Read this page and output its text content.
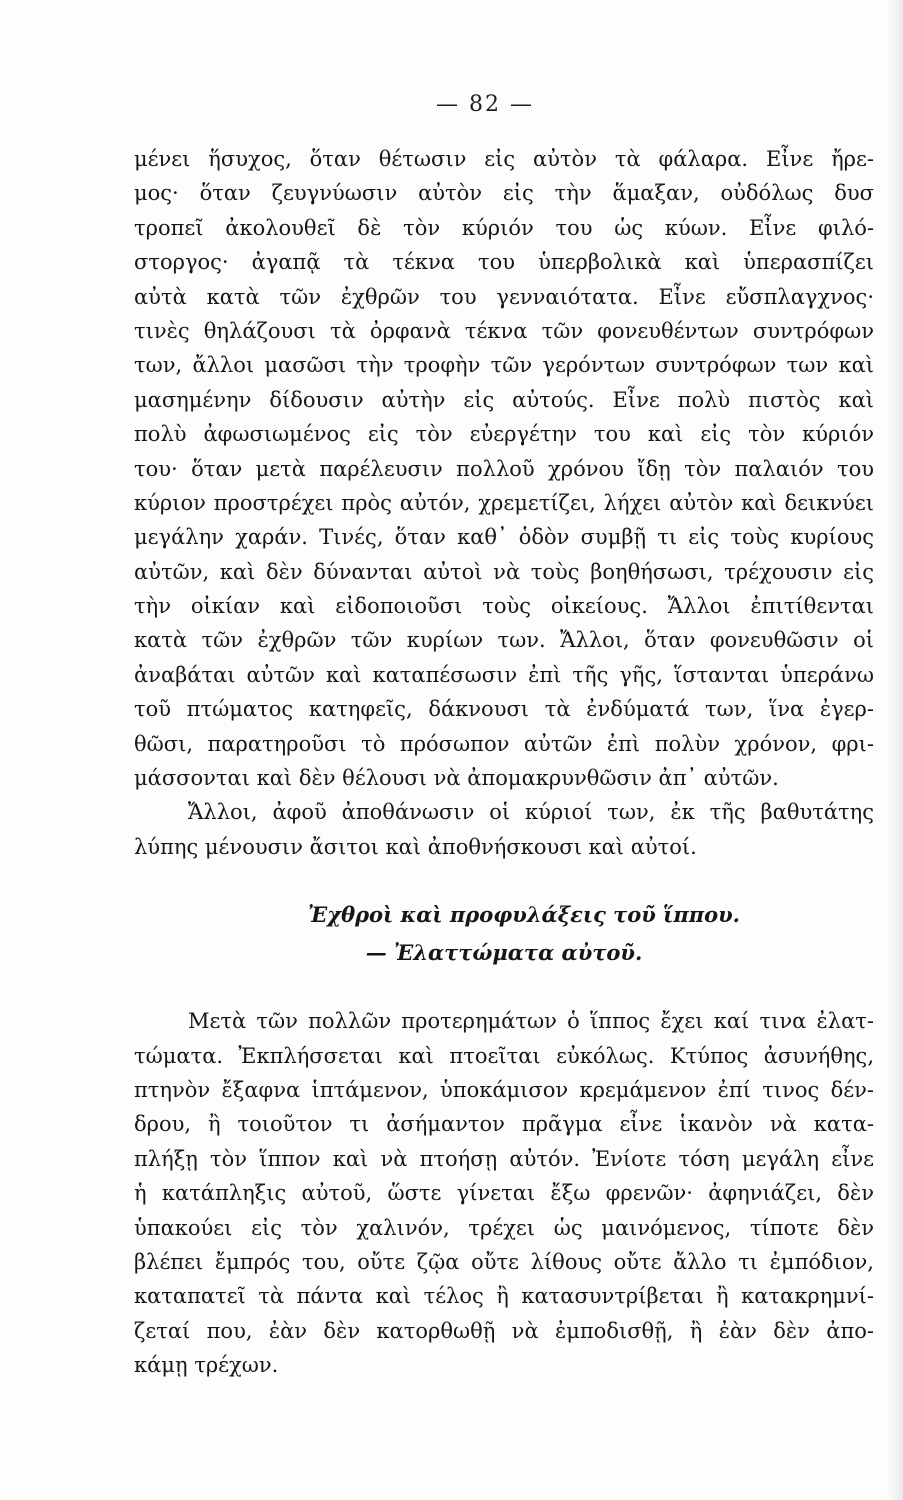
— 82 —

μένει ἥσυχος, ὅταν θέτωσιν εἰς αὐτὸν τὰ φάλαρα. Εἶνε ἤρε-

μος· ὅταν ζευγνύωσιν αὐτὸν εἰς τὴν ἅμαξαν, οὐδόλως δυσ

τροπεῖ ἀκολουθεῖ δὲ τὸν κύριόν του ὡς κύων. Εἶνε φιλό-

στοργος· ἀγαπᾷ τὰ τέκνα του ὑπερβολικὰ καὶ ὑπερασπίζει

αὐτὰ κατὰ τῶν ἐχθρῶν του γενναιότατα. Εἶνε εὔσπλαγχνος·

τινὲς θηλάζουσι τὰ ὀρφανὰ τέκνα τῶν φονευθέντων συντρόφων

των, ἄλλοι μασῶσι τὴν τροφὴν τῶν γερόντων συντρόφων των καὶ

μασημένην δίδουσιν αὐτὴν εἰς αὐτούς. Εἶνε πολὺ πιστὸς καὶ

πολὺ ἀφωσιωμένος εἰς τὸν εὐεργέτην του καὶ εἰς τὸν κύριόν

του· ὅταν μετὰ παρέλευσιν πολλοῦ χρόνου ἴδῃ τὸν παλαιόν του

κύριον προστρέχει πρὸς αὐτόν, χρεμετίζει, λήχει αὐτὸν καὶ δεικνύει

μεγάλην χαράν. Τινές, ὅταν καθ᾽ ὁδὸν συμβῇ τι εἰς τοὺς κυρίους

αὐτῶν, καὶ δὲν δύνανται αὐτοὶ νὰ τοὺς βοηθήσωσι, τρέχουσιν εἰς

τὴν οἰκίαν καὶ εἰδοποιοῦσι τοὺς οἰκείους. Ἄλλοι ἐπιτίθενται

κατὰ τῶν ἐχθρῶν τῶν κυρίων των. Ἄλλοι, ὅταν φονευθῶσιν οἱ

ἀναβάται αὐτῶν καὶ καταπέσωσιν ἐπὶ τῆς γῆς, ἵστανται ὑπεράνω

τοῦ πτώματος κατηφεῖς, δάκνουσι τὰ ἐνδύματά των, ἵνα ἐγερ-

θῶσι, παρατηροῦσι τὸ πρόσωπον αὐτῶν ἐπὶ πολὺν χρόνον, φρι-

μάσσονται καὶ δὲν θέλουσι νὰ ἀπομακρυνθῶσιν ἀπ᾽ αὐτῶν.

Ἄλλοι, ἀφοῦ ἀποθάνωσιν οἱ κύριοί των, ἐκ τῆς βαθυτάτης

λύπης μένουσιν ἄσιτοι καὶ ἀποθνήσκουσι καὶ αὐτοί.

Ἐχθροὶ καὶ προφυλάξεις τοῦ ἵππου.
— Ἐλαττώματα αὐτοῦ.

Μετὰ τῶν πολλῶν προτερημάτων ὁ ἵππος ἔχει καί τινα ἐλατ-

τώματα. Ἐκπλήσσεται καὶ πτοεῖται εὐκόλως. Κτύπος ἀσυνήθης,

πτηνὸν ἔξαφνα ἱπτάμενον, ὑποκάμισον κρεμάμενον ἐπί τινος δέν-

δρου, ἢ τοιοῦτον τι ἀσήμαντον πρᾶγμα εἶνε ἱκανὸν νὰ κατα-

πλήξῃ τὸν ἵππον καὶ νὰ πτοήσῃ αὐτόν. Ἐνίοτε τόση μεγάλη εἶνε

ἡ κατάπληξις αὐτοῦ, ὥστε γίνεται ἔξω φρενῶν· ἀφηνιάζει, δὲν

ὑπακούει εἰς τὸν χαλινόν, τρέχει ὡς μαινόμενος, τίποτε δὲν

βλέπει ἔμπρός του, οὔτε ζῷα οὔτε λίθους οὔτε ἄλλο τι ἐμπόδιον,

καταπατεῖ τὰ πάντα καὶ τέλος ἢ κατασυντρίβεται ἢ κατακρημνί-

ζεταί που, ἐὰν δὲν κατορθωθῇ νὰ ἐμποδισθῇ, ἢ ἐὰν δὲν ἀπο-

κάμῃ τρέχων.
